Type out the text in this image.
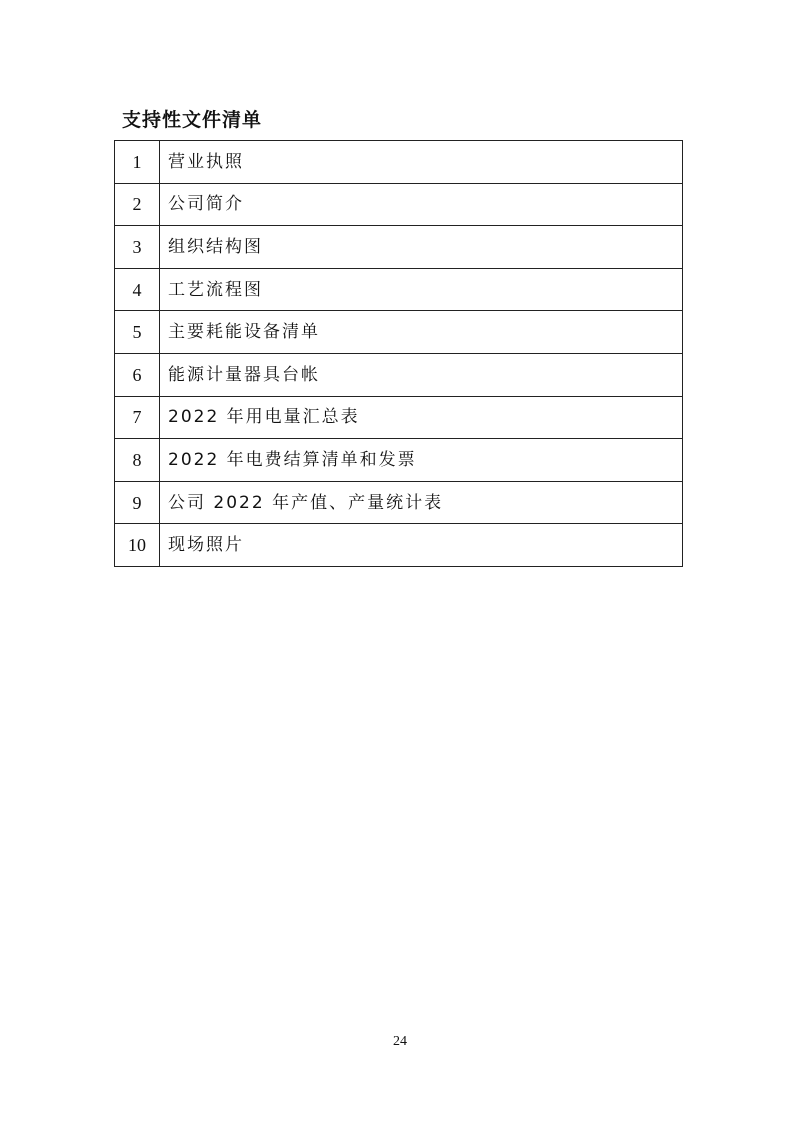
支持性文件清单
1	营业执照
2	公司简介
3	组织结构图
4	工艺流程图
5	主要耗能设备清单
6	能源计量器具台帐
7	2022 年用电量汇总表
8	2022 年电费结算清单和发票
9	公司 2022 年产值、产量统计表
10	现场照片
24
